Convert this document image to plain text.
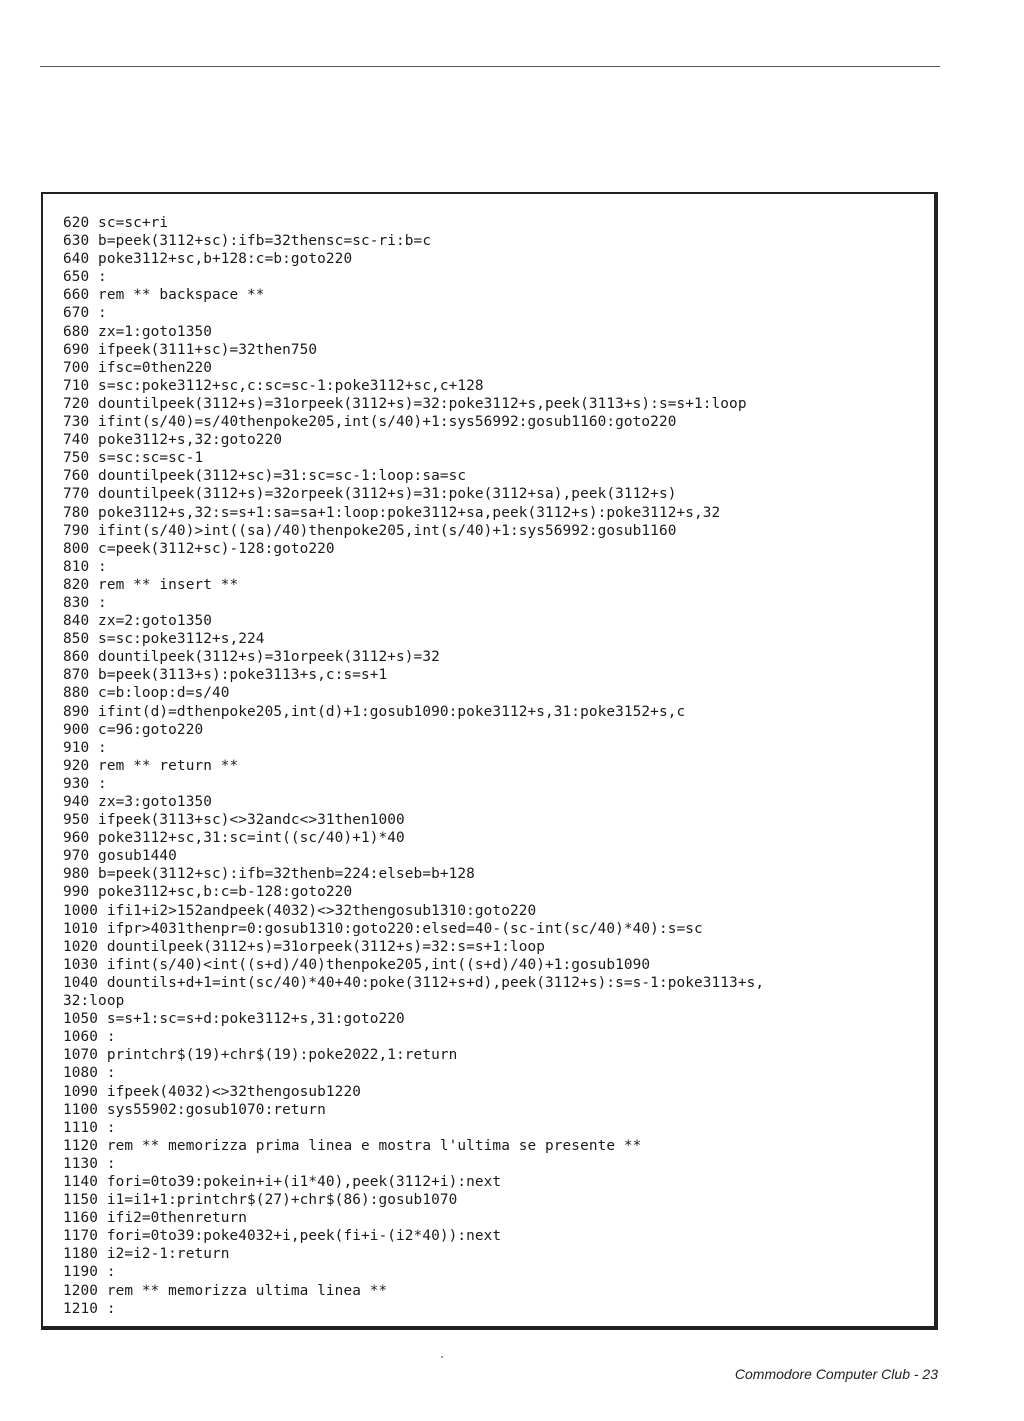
620 sc=sc+ri
630 b=peek(3112+sc):ifb=32thensc=sc-ri:b=c
640 poke3112+sc,b+128:c=b:goto220
650 :
660 rem ** backspace **
670 :
680 zx=1:goto1350
690 ifpeek(3111+sc)=32then750
700 ifsc=0then220
710 s=sc:poke3112+sc,c:sc=sc-1:poke3112+sc,c+128
720 dountilpeek(3112+s)=31orpeek(3112+s)=32:poke3112+s,peek(3113+s):s=s+1:loop
730 ifint(s/40)=s/40thenpoke205,int(s/40)+1:sys56992:gosub1160:goto220
740 poke3112+s,32:goto220
750 s=sc:sc=sc-1
760 dountilpeek(3112+sc)=31:sc=sc-1:loop:sa=sc
770 dountilpeek(3112+s)=32orpeek(3112+s)=31:poke(3112+sa),peek(3112+s)
780 poke3112+s,32:s=s+1:sa=sa+1:loop:poke3112+sa,peek(3112+s):poke3112+s,32
790 ifint(s/40)>int((sa)/40)thenpoke205,int(s/40)+1:sys56992:gosub1160
800 c=peek(3112+sc)-128:goto220
810 :
820 rem ** insert **
830 :
840 zx=2:goto1350
850 s=sc:poke3112+s,224
860 dountilpeek(3112+s)=31orpeek(3112+s)=32
870 b=peek(3113+s):poke3113+s,c:s=s+1
880 c=b:loop:d=s/40
890 ifint(d)=dthenpoke205,int(d)+1:gosub1090:poke3112+s,31:poke3152+s,c
900 c=96:goto220
910 :
920 rem ** return **
930 :
940 zx=3:goto1350
950 ifpeek(3113+sc)<>32andc<>31then1000
960 poke3112+sc,31:sc=int((sc/40)+1)*40
970 gosub1440
980 b=peek(3112+sc):ifb=32thenb=224:elseb=b+128
990 poke3112+sc,b:c=b-128:goto220
1000 ifi1+i2>152andpeek(4032)<>32thengosub1310:goto220
1010 ifpr>4031thenpr=0:gosub1310:goto220:elsed=40-(sc-int(sc/40)*40):s=sc
1020 dountilpeek(3112+s)=31orpeek(3112+s)=32:s=s+1:loop
1030 ifint(s/40)<int((s+d)/40)thenpoke205,int((s+d)/40)+1:gosub1090
1040 dountils+d+1=int(sc/40)*40+40:poke(3112+s+d),peek(3112+s):s=s-1:poke3113+s,
32:loop
1050 s=s+1:sc=s+d:poke3112+s,31:goto220
1060 :
1070 printchr$(19)+chr$(19):poke2022,1:return
1080 :
1090 ifpeek(4032)<>32thengosub1220
1100 sys55902:gosub1070:return
1110 :
1120 rem ** memorizza prima linea e mostra l'ultima se presente **
1130 :
1140 fori=0to39:pokein+i+(i1*40),peek(3112+i):next
1150 i1=i1+1:printchr$(27)+chr$(86):gosub1070
1160 ifi2=0thenreturn
1170 fori=0to39:poke4032+i,peek(fi+i-(i2*40)):next
1180 i2=i2-1:return
1190 :
1200 rem ** memorizza ultima linea **
1210 :
Commodore Computer Club - 23
